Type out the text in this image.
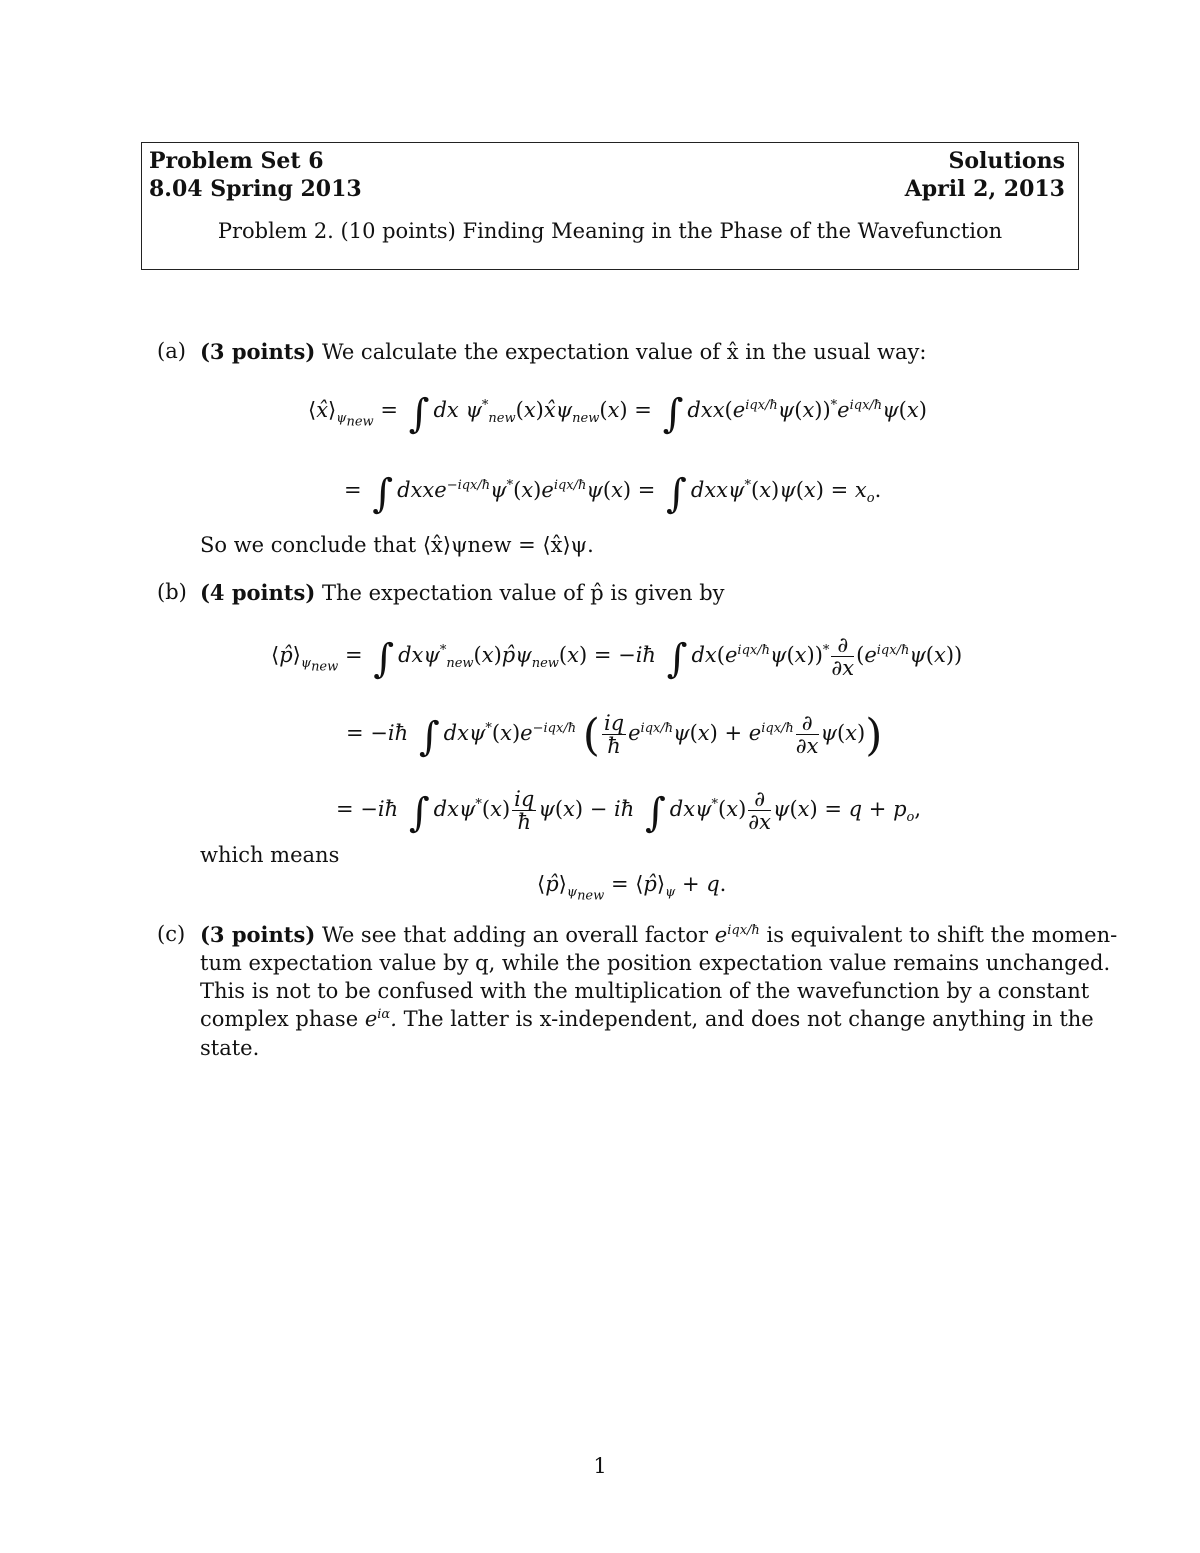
Problem Set 6	Solutions
8.04 Spring 2013	April 2, 2013
Problem 2. (10 points) Finding Meaning in the Phase of the Wavefunction
(a) (3 points) We calculate the expectation value of x̂ in the usual way:
$⟨x̂⟩_{\psi_{new}}$ = ∫ dx $\psi^*_{new}(x)x̂\psi_{new}(x)$ = ∫ $dxx(e^{iqx/ħ}\psi(x))^*e^{iqx/ħ}\psi(x)$
= ∫ $dxxe^{-iqx/ħ}\psi^*(x)e^{iqx/ħ}\psi(x)$ = ∫ $dxx\psi^*(x)\psi(x) = x_o$.
So we conclude that ⟨x̂⟩ψnew = ⟨x̂⟩ψ.
(b) (4 points) The expectation value of p̂ is given by
$⟨p̂⟩_{\psi_{new}}$ = ∫ $dx\psi^*_{new}(x)p̂\psi_{new}(x)$ = −iħ ∫ $dx(e^{iqx/ħ}\psi(x))^* \frac{\partial}{\partial x} (e^{iqx/ħ}\psi(x))$
= −iħ ∫ $dx\psi^*(x)e^{-iqx/ħ}$ ( $\frac{iq}{ħ} e^{iqx/ħ}\psi(x) + e^{iqx/ħ} \frac{\partial}{\partial x} \psi(x)$)
= −iħ ∫ $dx\psi^*(x) \frac{iq}{ħ} \psi(x)$ − iħ ∫ $dx\psi^*(x) \frac{\partial}{\partial x} \psi(x) = q + p_o$,
which means
$⟨p̂⟩_{\psi_{new}}$ = $⟨p̂⟩_\psi + q$.
(c) (3 points) We see that adding an overall factor $e^{iqx/ħ}$ is equivalent to shift the momen-
tum expectation value by q, while the position expectation value remains unchanged.
This is not to be confused with the multiplication of the wavefunction by a constant
complex phase $e^{i\alpha}$. The latter is x-independent, and does not change anything in the
state.
1
